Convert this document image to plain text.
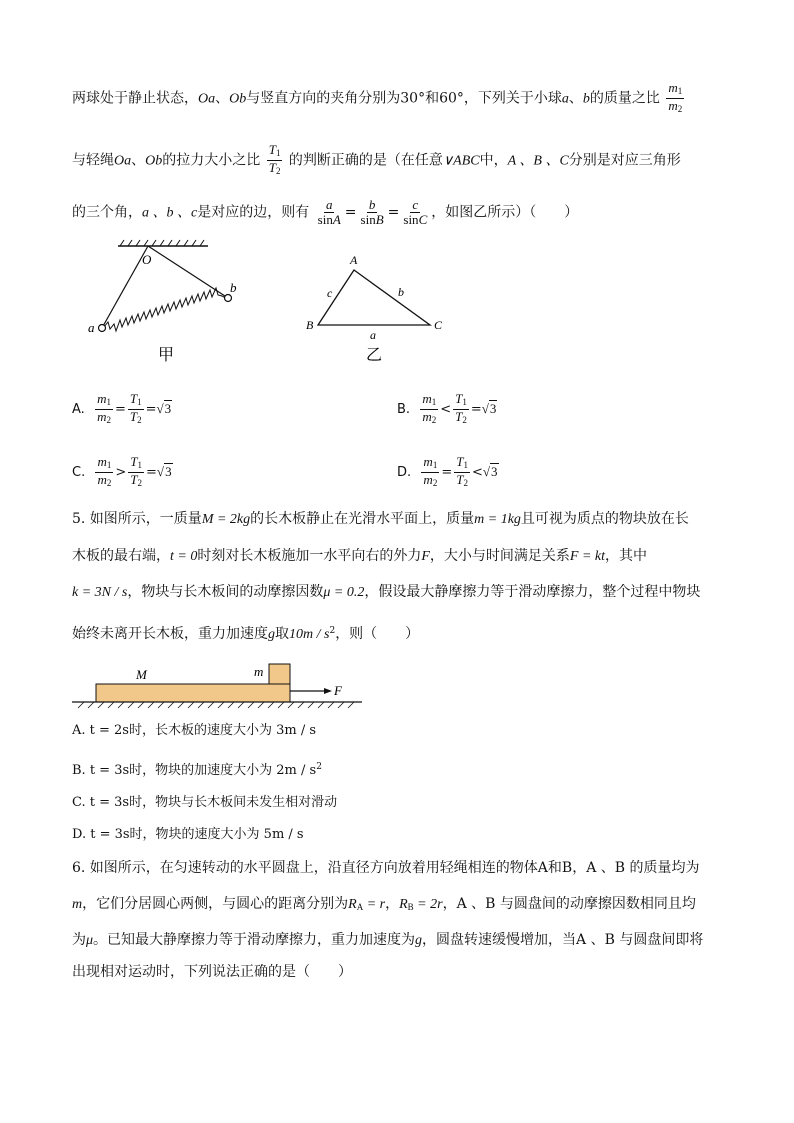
两球处于静止状态，Oa、Ob与竖直方向的夹角分别为30°和60°，下列关于小球a、b的质量之比 $\frac{m_1}{m_2}$
与轻绳Oa、Ob的拉力大小之比 $\frac{T_1}{T_2}$ 的判断正确的是（在任意∨ABC中，A 、B 、C分别是对应三角形
的三个角，a 、b 、c是对应的边，则有 $\frac{a}{\sin A} = \frac{b}{\sin B} = \frac{c}{\sin C}$ ，如图乙所示）（　　）
O
a
b
甲
A
B	C
c	b
a
乙
A. $\frac{m_1}{m_2} = \frac{T_1}{T_2} =√3$	B. $\frac{m_1}{m_2} < \frac{T_1}{T_2} =√3$
C. $\frac{m_1}{m_2} > \frac{T_1}{T_2} =√3$	D. $\frac{m_1}{m_2} = \frac{T_1}{T_2} <√3$
5. 如图所示，一质量M = 2kg的长木板静止在光滑水平面上，质量m = 1kg且可视为质点的物块放在长
木板的最右端，t = 0时刻对长木板施加一水平向右的外力F，大小与时间满足关系F = kt，其中
k = 3N / s，物块与长木板间的动摩擦因数μ = 0.2，假设最大静摩擦力等于滑动摩擦力，整个过程中物块
始终未离开长木板，重力加速度g取$10m / s^2$，则（　　）
M	m
F
A. t = 2s时，长木板的速度大小为 3m / s
B. t = 3s时，物块的加速度大小为 $2m / s^2$
C. t = 3s时，物块与长木板间未发生相对滑动
D. t = 3s时，物块的速度大小为 5m / s
6. 如图所示，在匀速转动的水平圆盘上，沿直径方向放着用轻绳相连的物体A和B，A 、B 的质量均为
m，它们分居圆心两侧，与圆心的距离分别为$R_A = r$，$R_B = 2r$，A 、B 与圆盘间的动摩擦因数相同且均
为μ。已知最大静摩擦力等于滑动摩擦力，重力加速度为g，圆盘转速缓慢增加，当A 、B 与圆盘间即将
出现相对运动时，下列说法正确的是（　　）
